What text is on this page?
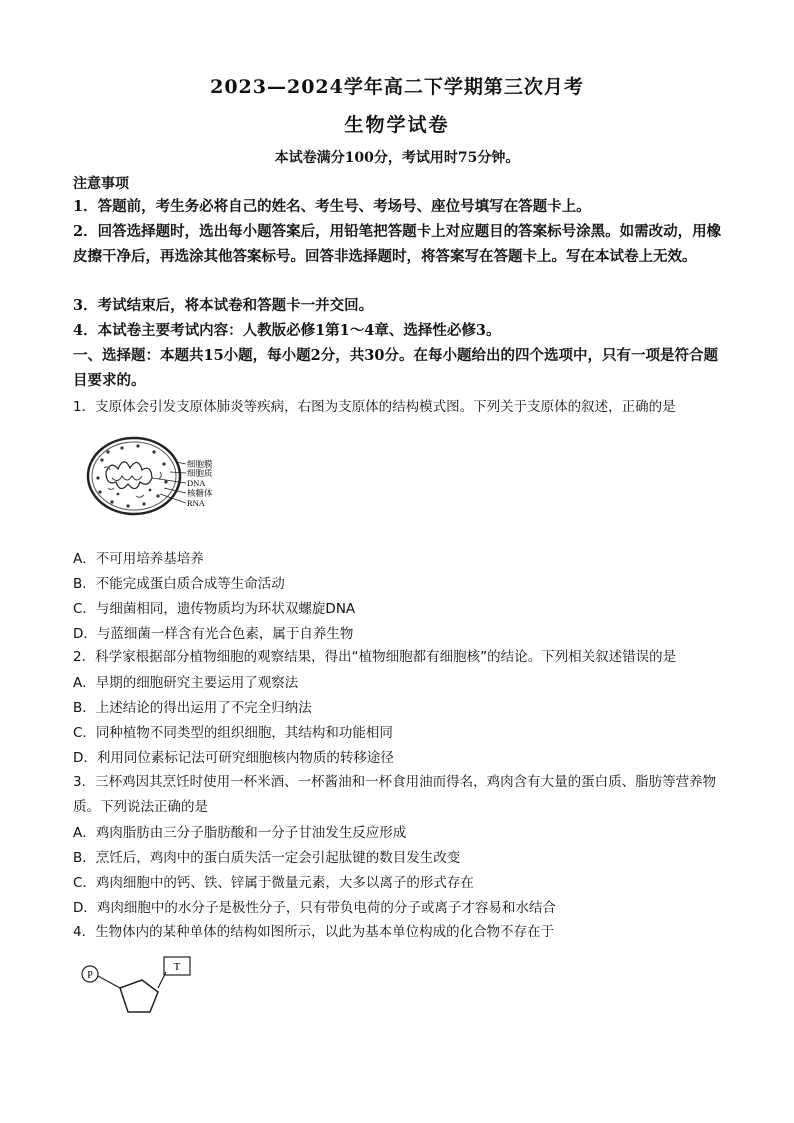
2023—2024学年高二下学期第三次月考
生物学试卷
本试卷满分100分，考试用时75分钟。
注意事项
1．答题前，考生务必将自己的姓名、考生号、考场号、座位号填写在答题卡上。
2．回答选择题时，选出每小题答案后，用铅笔把答题卡上对应题目的答案标号涂黑。如需改动，用橡皮擦干净后，再选涂其他答案标号。回答非选择题时，将答案写在答题卡上。写在本试卷上无效。
3．考试结束后，将本试卷和答题卡一并交回。
4．本试卷主要考试内容：人教版必修1第1～4章、选择性必修3。
一、选择题：本题共15小题，每小题2分，共30分。在每小题给出的四个选项中，只有一项是符合题目要求的。
1．支原体会引发支原体肺炎等疾病，右图为支原体的结构模式图。下列关于支原体的叙述，正确的是
细胞膜
细胞质
DNA
核糖体
RNA
A．不可用培养基培养
B．不能完成蛋白质合成等生命活动
C．与细菌相同，遗传物质均为环状双螺旋DNA
D．与蓝细菌一样含有光合色素，属于自养生物
2．科学家根据部分植物细胞的观察结果，得出“植物细胞都有细胞核”的结论。下列相关叙述错误的是
A．早期的细胞研究主要运用了观察法
B．上述结论的得出运用了不完全归纳法
C．同种植物不同类型的组织细胞，其结构和功能相同
D．利用同位素标记法可研究细胞核内物质的转移途径
3．三杯鸡因其烹饪时使用一杯米酒、一杯酱油和一杯食用油而得名，鸡肉含有大量的蛋白质、脂肪等营养物质。下列说法正确的是
A．鸡肉脂肪由三分子脂肪酸和一分子甘油发生反应形成
B．烹饪后，鸡肉中的蛋白质失活一定会引起肽键的数目发生改变
C．鸡肉细胞中的钙、铁、锌属于微量元素，大多以离子的形式存在
D．鸡肉细胞中的水分子是极性分子，只有带负电荷的分子或离子才容易和水结合
4．生物体内的某种单体的结构如图所示，以此为基本单位构成的化合物不存在于
P
T
